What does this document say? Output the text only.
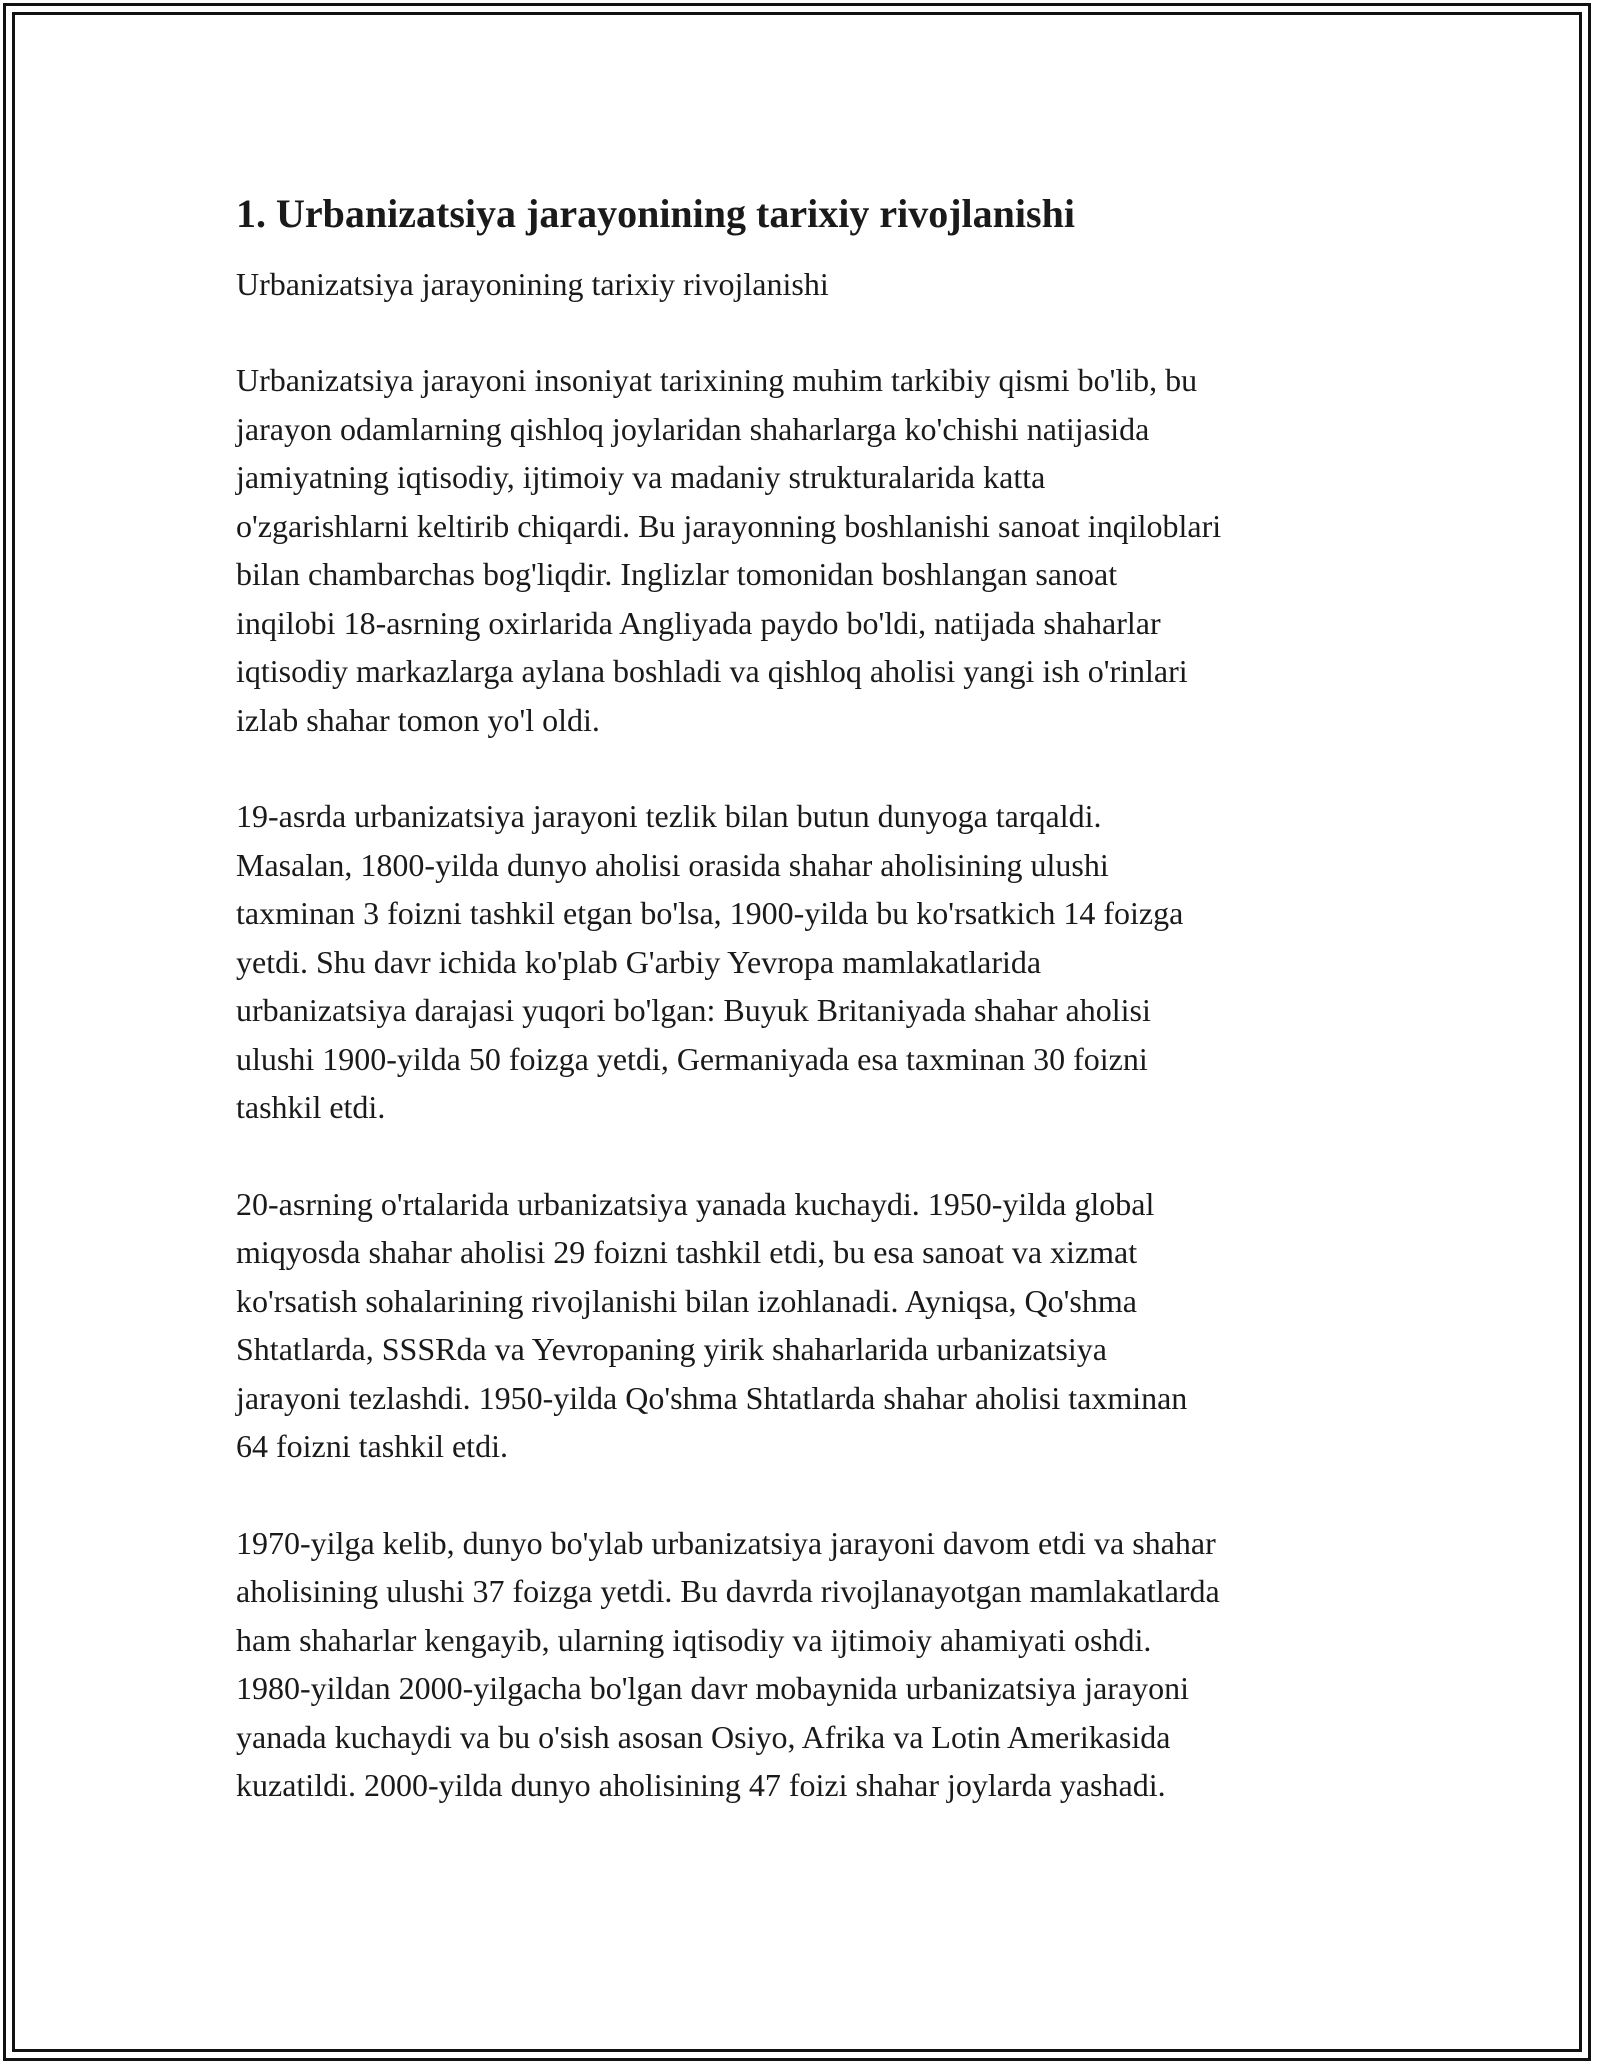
1. Urbanizatsiya jarayonining tarixiy rivojlanishi

Urbanizatsiya jarayonining tarixiy rivojlanishi

Urbanizatsiya jarayoni insoniyat tarixining muhim tarkibiy qismi bo'lib, bu
jarayon odamlarning qishloq joylaridan shaharlarga ko'chishi natijasida
jamiyatning iqtisodiy, ijtimoiy va madaniy strukturalarida katta
o'zgarishlarni keltirib chiqardi. Bu jarayonning boshlanishi sanoat inqiloblari
bilan chambarchas bog'liqdir. Inglizlar tomonidan boshlangan sanoat
inqilobi 18-asrning oxirlarida Angliyada paydo bo'ldi, natijada shaharlar
iqtisodiy markazlarga aylana boshladi va qishloq aholisi yangi ish o'rinlari
izlab shahar tomon yo'l oldi.

19-asrda urbanizatsiya jarayoni tezlik bilan butun dunyoga tarqaldi.
Masalan, 1800-yilda dunyo aholisi orasida shahar aholisining ulushi
taxminan 3 foizni tashkil etgan bo'lsa, 1900-yilda bu ko'rsatkich 14 foizga
yetdi. Shu davr ichida ko'plab G'arbiy Yevropa mamlakatlarida
urbanizatsiya darajasi yuqori bo'lgan: Buyuk Britaniyada shahar aholisi
ulushi 1900-yilda 50 foizga yetdi, Germaniyada esa taxminan 30 foizni
tashkil etdi.

20-asrning o'rtalarida urbanizatsiya yanada kuchaydi. 1950-yilda global
miqyosda shahar aholisi 29 foizni tashkil etdi, bu esa sanoat va xizmat
ko'rsatish sohalarining rivojlanishi bilan izohlanadi. Ayniqsa, Qo'shma
Shtatlarda, SSSRda va Yevropaning yirik shaharlarida urbanizatsiya
jarayoni tezlashdi. 1950-yilda Qo'shma Shtatlarda shahar aholisi taxminan
64 foizni tashkil etdi.

1970-yilga kelib, dunyo bo'ylab urbanizatsiya jarayoni davom etdi va shahar
aholisining ulushi 37 foizga yetdi. Bu davrda rivojlanayotgan mamlakatlarda
ham shaharlar kengayib, ularning iqtisodiy va ijtimoiy ahamiyati oshdi.
1980-yildan 2000-yilgacha bo'lgan davr mobaynida urbanizatsiya jarayoni
yanada kuchaydi va bu o'sish asosan Osiyo, Afrika va Lotin Amerikasida
kuzatildi. 2000-yilda dunyo aholisining 47 foizi shahar joylarda yashadi.
